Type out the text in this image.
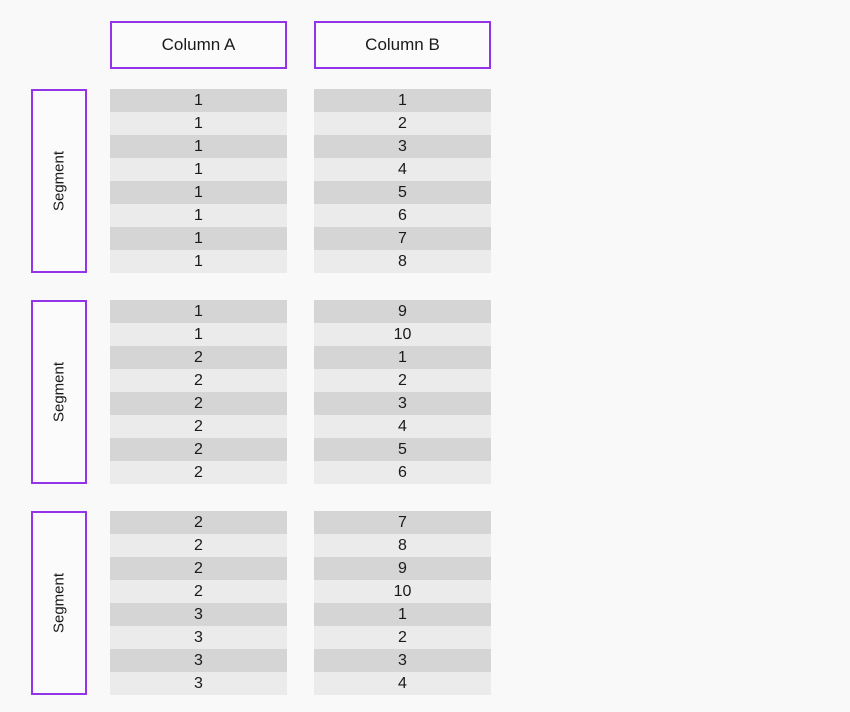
Column A	Column B
Segment
1
1
1
1
1
1
1
1
1
2
3
4
5
6
7
8
Segment
1
1
2
2
2
2
2
2
9
10
1
2
3
4
5
6
Segment
2
2
2
2
3
3
3
3
7
8
9
10
1
2
3
4
